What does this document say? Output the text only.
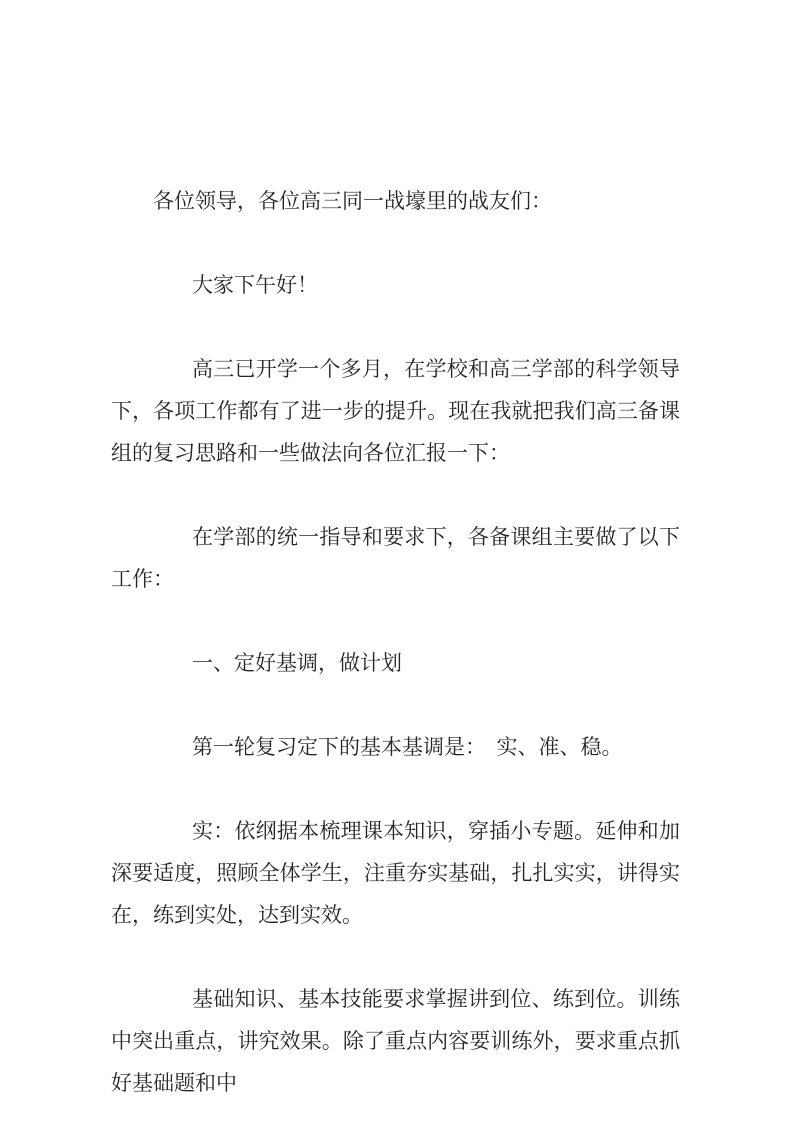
各位领导，各位高三同一战壕里的战友们：

大家下午好！

高三已开学一个多月，在学校和高三学部的科学领导下，各项工作都有了进一步的提升。现在我就把我们高三备课组的复习思路和一些做法向各位汇报一下：

在学部的统一指导和要求下，各备课组主要做了以下工作：

一、定好基调，做计划

第一轮复习定下的基本基调是：　实、准、稳。

实：依纲据本梳理课本知识，穿插小专题。延伸和加深要适度，照顾全体学生，注重夯实基础，扎扎实实，讲得实在，练到实处，达到实效。

基础知识、基本技能要求掌握讲到位、练到位。训练中突出重点，讲究效果。除了重点内容要训练外，要求重点抓好基础题和中
